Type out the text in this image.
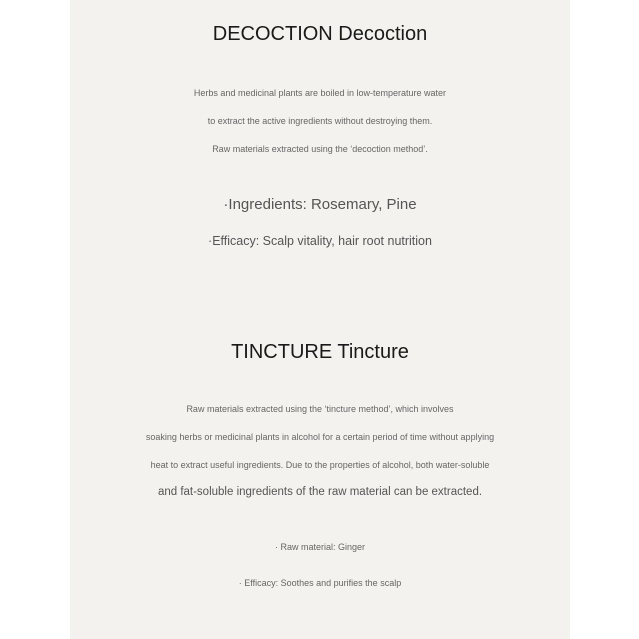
DECOCTION Decoction

Herbs and medicinal plants are boiled in low-temperature water

to extract the active ingredients without destroying them.

Raw materials extracted using the ‘decoction method’.

·Ingredients: Rosemary, Pine

·Efficacy: Scalp vitality, hair root nutrition

TINCTURE Tincture

Raw materials extracted using the ‘tincture method’, which involves

soaking herbs or medicinal plants in alcohol for a certain period of time without applying

heat to extract useful ingredients. Due to the properties of alcohol, both water-soluble

and fat-soluble ingredients of the raw material can be extracted.

· Raw material: Ginger

· Efficacy: Soothes and purifies the scalp
